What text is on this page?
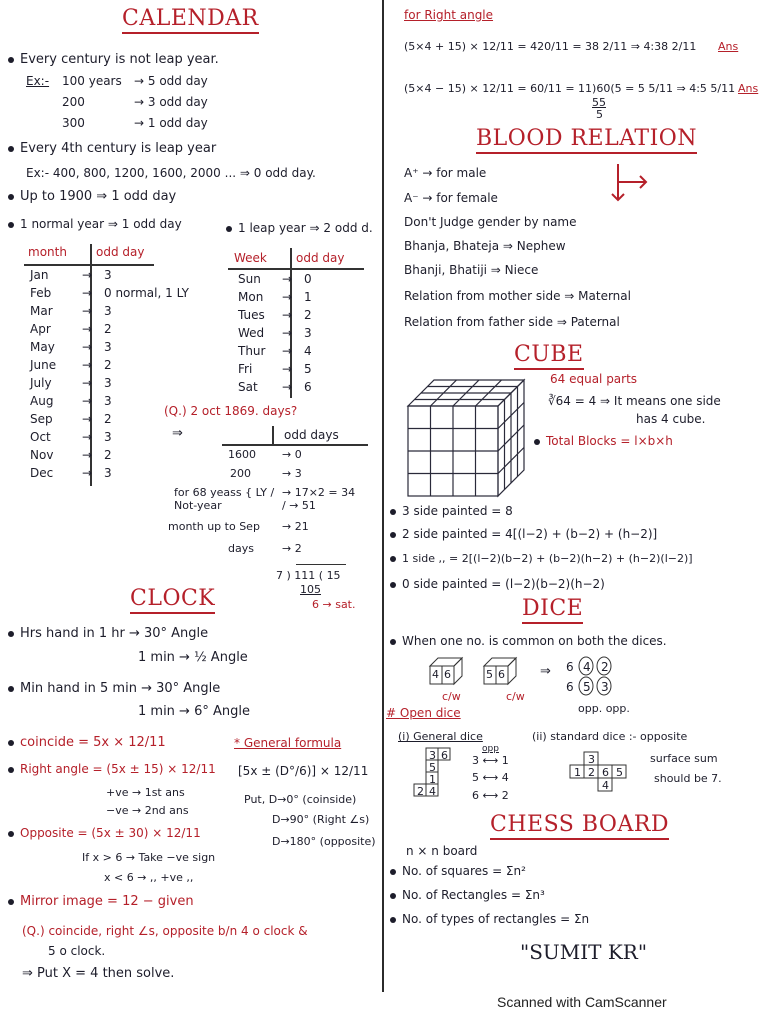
CALENDAR
Every century is not leap year.
Ex:- 100 years → 5 odd day
200	→ 3 odd day
300	→ 1 odd day
Every 4th century is leap year
Ex:- 400, 800, 1200, 1600, 2000 ... ⇒ 0 odd day.
Up to 1900 ⇒ 1 odd day
1 normal year ⇒ 1 odd day	1 leap year ⇒ 2 odd d.
month odd day
Jan	→ 3
Feb	→ 0 normal, 1 LY
Mar	→ 3
Apr	→ 2
May	→ 3
June	→ 2
July	→ 3
Aug	→ 3
Sep	→ 2
Oct	→ 3
Nov	→ 2
Dec	→ 3
Week odd day
Sun	→ 0
Mon	→ 1
Tues	→ 2
Wed	→ 3
Thur	→ 4
Fri	→ 5
Sat	→ 6
(Q.) 2 oct 1869. days?
⇒	odd days
1600 → 0
200	→ 3
for 68 yeass { LY / Not-year
→ 17×2 = 34 / → 51
month up to Sep → 21
days	→ 2
7 ) 111 ( 15
105
6 → sat.
CLOCK
Hrs hand in 1 hr → 30° Angle
1 min → ½ Angle
Min hand in 5 min → 30° Angle
1 min → 6° Angle
coincide = 5x × 12/11	* General formula
[5x ± (D°/6)] × 12/11
Put, D→0° (coinside)
D→90° (Right ∠s)
D→180° (opposite)
Right angle = (5x ± 15) × 12/11
+ve → 1st ans
−ve → 2nd ans
Opposite = (5x ± 30) × 12/11
If x > 6 → Take −ve sign
x < 6 → ,, +ve ,,
Mirror image = 12 − given
(Q.) coincide, right ∠s, opposite b/n 4 o clock &
5 o clock.
⇒ Put X = 4 then solve.
for Right angle
(5×4 + 15) × 12/11 = 420/11 = 38 2/11 ⇒ 4:38 2/11 Ans
(5×4 − 15) × 12/11 = 60/11 = 11)60(5 = 5 5/11 ⇒ 4:5 5/11 Ans
55
5
BLOOD RELATION
A⁺ → for male
A⁻ → for female
Don't Judge gender by name
Bhanja, Bhateja ⇒ Nephew
Bhanji, Bhatiji ⇒ Niece
Relation from mother side ⇒ Maternal
Relation from father side ⇒ Paternal
CUBE
64 equal parts
∛64 = 4 ⇒ It means one side
has 4 cube.
Total Blocks = l×b×h
3 side painted = 8
2 side painted = 4[(l−2) + (b−2) + (h−2)]
1 side ,, = 2[(l−2)(b−2) + (b−2)(h−2) + (h−2)(l−2)]
0 side painted = (l−2)(b−2)(h−2)
DICE
When one no. is common on both the dices.
4 6
c/w
5 6
c/w
⇒ 6 4 2
6 5 3
opp. opp.
# Open dice
(i) General dice
3 6
5
1
2 4
opp
3 ⟷ 1
5 ⟷ 4
6 ⟷ 2
(ii) standard dice :- opposite
3
1 2 6 5
4
surface sum
should be 7.
CHESS BOARD
n × n board
No. of squares = Σn²
No. of Rectangles = Σn³
No. of types of rectangles = Σn
"SUMIT KR"
Scanned with CamScanner
